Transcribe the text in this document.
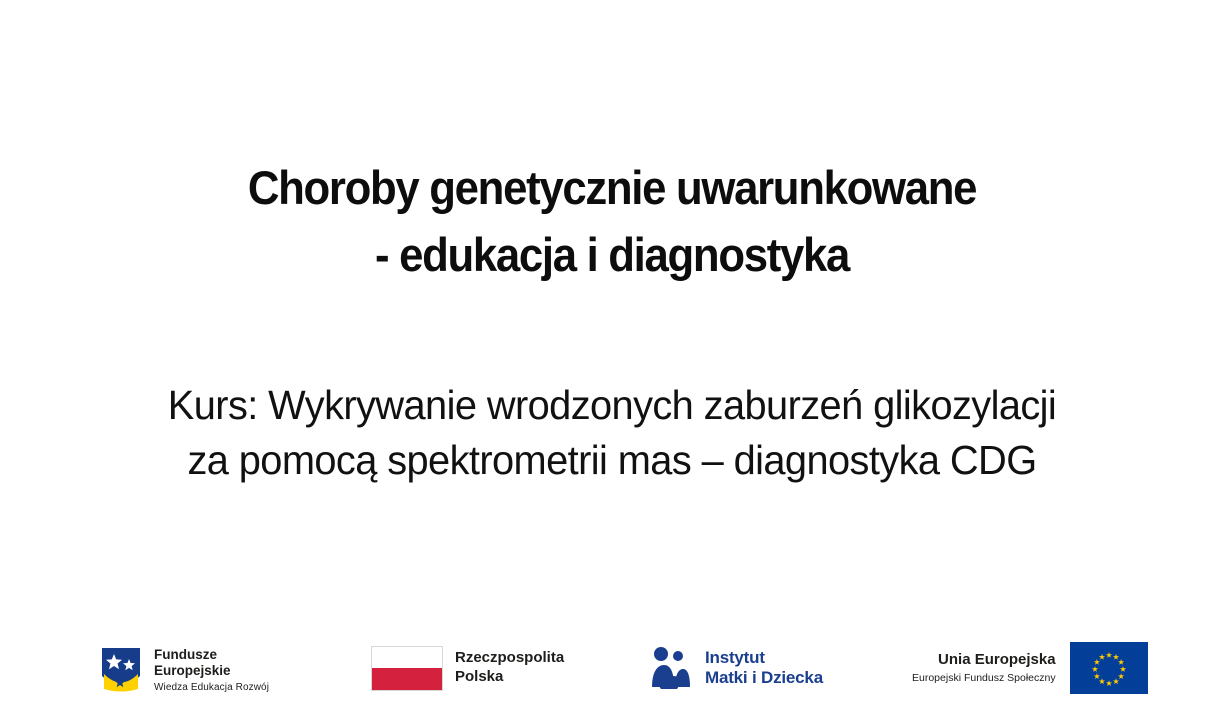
Choroby genetycznie uwarunkowane
- edukacja i diagnostyka
Kurs: Wykrywanie wrodzonych zaburzeń glikozylacji
za pomocą spektrometrii mas – diagnostyka CDG
Fundusze
Europejskie
Wiedza Edukacja Rozwój
Rzeczpospolita
Polska
Instytut
Matki i Dziecka
Unia Europejska
Europejski Fundusz Społeczny
